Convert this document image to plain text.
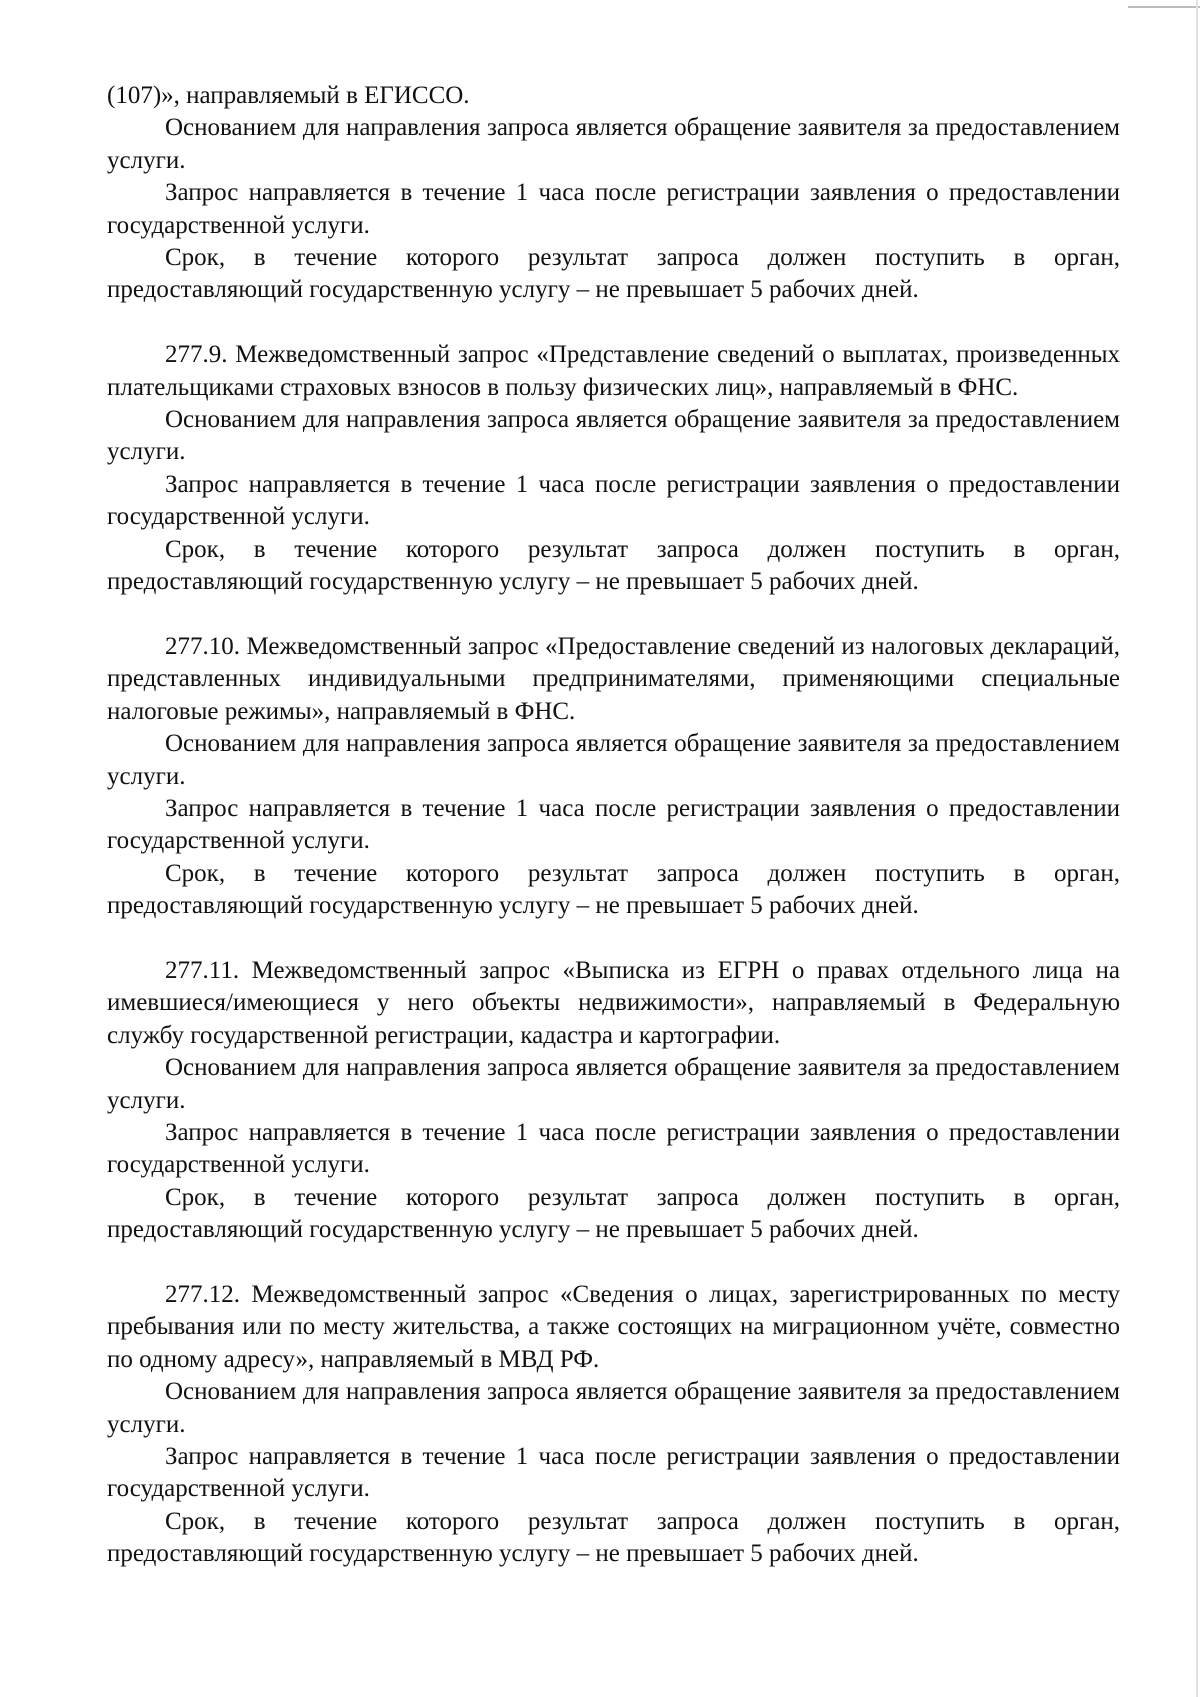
(107)», направляемый в ЕГИССО.

Основанием для направления запроса является обращение заявителя за предоставлением услуги.

Запрос направляется в течение 1 часа после регистрации заявления о предоставлении государственной услуги.

Срок, в течение которого результат запроса должен поступить в орган, предоставляющий государственную услугу – не превышает 5 рабочих дней.

277.9. Межведомственный запрос «Представление сведений о выплатах, произведенных плательщиками страховых взносов в пользу физических лиц», направляемый в ФНС.

Основанием для направления запроса является обращение заявителя за предоставлением услуги.

Запрос направляется в течение 1 часа после регистрации заявления о предоставлении государственной услуги.

Срок, в течение которого результат запроса должен поступить в орган, предоставляющий государственную услугу – не превышает 5 рабочих дней.

277.10. Межведомственный запрос «Предоставление сведений из налоговых деклараций, представленных индивидуальными предпринимателями, применяющими специальные налоговые режимы», направляемый в ФНС.

Основанием для направления запроса является обращение заявителя за предоставлением услуги.

Запрос направляется в течение 1 часа после регистрации заявления о предоставлении государственной услуги.

Срок, в течение которого результат запроса должен поступить в орган, предоставляющий государственную услугу – не превышает 5 рабочих дней.

277.11. Межведомственный запрос «Выписка из ЕГРН о правах отдельного лица на имевшиеся/имеющиеся у него объекты недвижимости», направляемый в Федеральную службу государственной регистрации, кадастра и картографии.

Основанием для направления запроса является обращение заявителя за предоставлением услуги.

Запрос направляется в течение 1 часа после регистрации заявления о предоставлении государственной услуги.

Срок, в течение которого результат запроса должен поступить в орган, предоставляющий государственную услугу – не превышает 5 рабочих дней.

277.12. Межведомственный запрос «Сведения о лицах, зарегистрированных по месту пребывания или по месту жительства, а также состоящих на миграционном учёте, совместно по одному адресу», направляемый в МВД РФ.

Основанием для направления запроса является обращение заявителя за предоставлением услуги.

Запрос направляется в течение 1 часа после регистрации заявления о предоставлении государственной услуги.

Срок, в течение которого результат запроса должен поступить в орган, предоставляющий государственную услугу – не превышает 5 рабочих дней.
